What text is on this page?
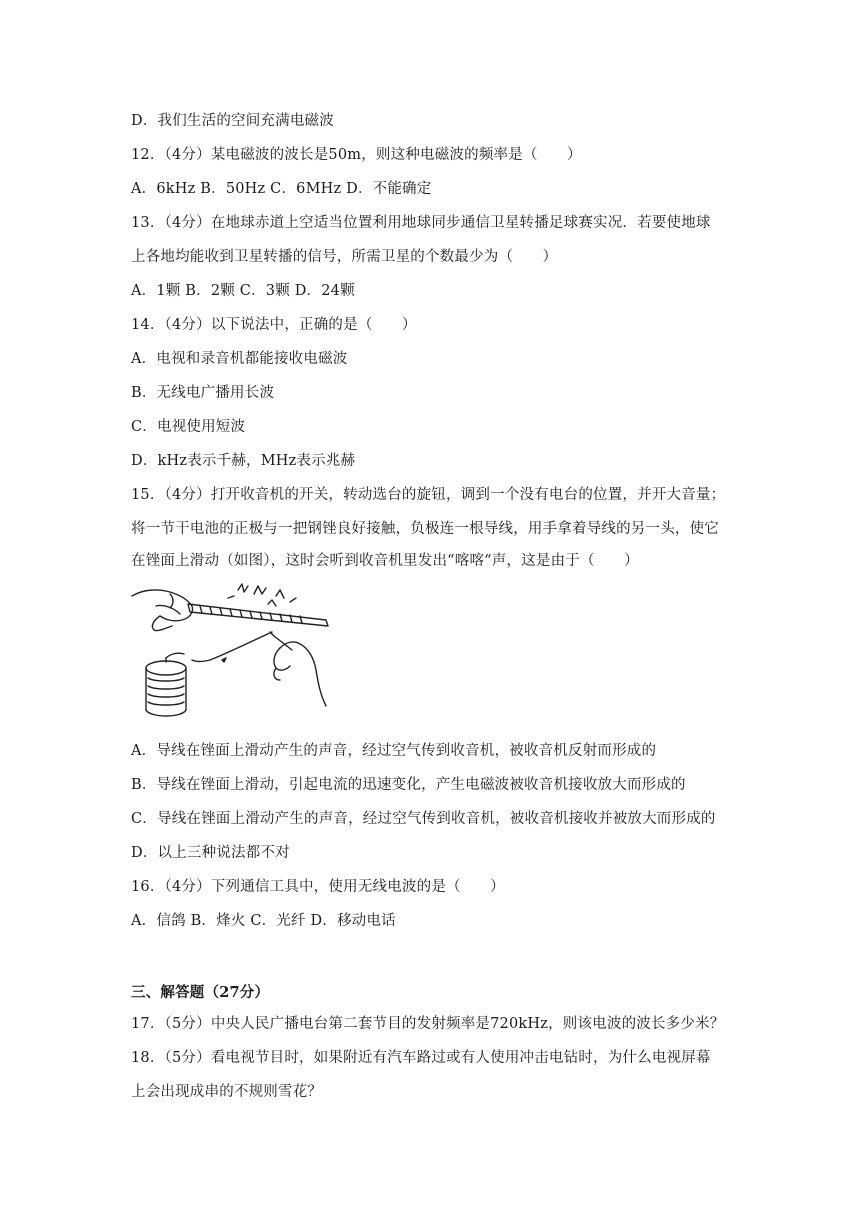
D．我们生活的空间充满电磁波
12．（4分）某电磁波的波长是50m，则这种电磁波的频率是（　　）
A．6kHz B．50Hz C．6MHz D．不能确定
13．（4分）在地球赤道上空适当位置利用地球同步通信卫星转播足球赛实况．若要使地球
上各地均能收到卫星转播的信号，所需卫星的个数最少为（　　）
A．1颗 B．2颗 C．3颗 D．24颗
14．（4分）以下说法中，正确的是（　　）
A．电视和录音机都能接收电磁波
B．无线电广播用长波
C．电视使用短波
D．kHz表示千赫，MHz表示兆赫
15．（4分）打开收音机的开关，转动选台的旋钮，调到一个没有电台的位置，并开大音量；
将一节干电池的正极与一把钢锉良好接触，负极连一根导线，用手拿着导线的另一头，使它
在锉面上滑动（如图），这时会听到收音机里发出“喀喀“声，这是由于（　　）
A．导线在锉面上滑动产生的声音，经过空气传到收音机，被收音机反射而形成的
B．导线在锉面上滑动，引起电流的迅速变化，产生电磁波被收音机接收放大而形成的
C．导线在锉面上滑动产生的声音，经过空气传到收音机，被收音机接收并被放大而形成的
D．以上三种说法都不对
16．（4分）下列通信工具中，使用无线电波的是（　　）
A．信鸽 B．烽火 C．光纤 D．移动电话
三、解答题（27分）
17．（5分）中央人民广播电台第二套节目的发射频率是720kHz，则该电波的波长多少米？
18．（5分）看电视节目时，如果附近有汽车路过或有人使用冲击电钻时，为什么电视屏幕
上会出现成串的不规则雪花？
